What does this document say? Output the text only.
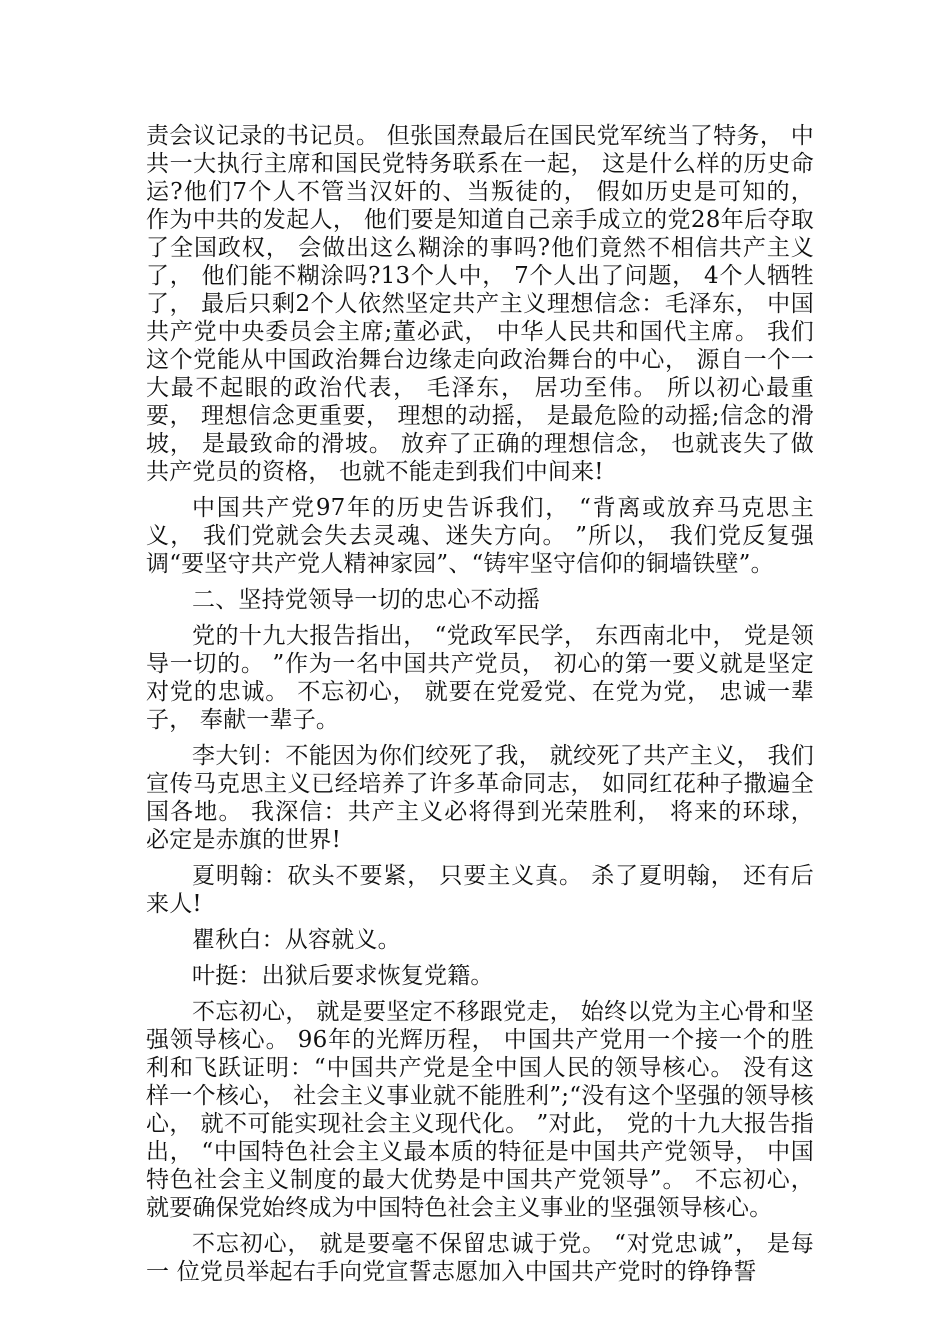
责会议记录的书记员。 但张国焘最后在国民党军统当了特务， 中共一大执行主席和国民党特务联系在一起， 这是什么样的历史命运?他们7个人不管当汉奸的、当叛徒的， 假如历史是可知的， 作为中共的发起人， 他们要是知道自己亲手成立的党28年后夺取了全国政权， 会做出这么糊涂的事吗?他们竟然不相信共产主义了， 他们能不糊涂吗?13个人中， 7个人出了问题， 4个人牺牲了， 最后只剩2个人依然坚定共产主义理想信念：毛泽东， 中国共产党中央委员会主席;董必武， 中华人民共和国代主席。 我们这个党能从中国政治舞台边缘走向政治舞台的中心， 源自一个一大最不起眼的政治代表， 毛泽东， 居功至伟。 所以初心最重要， 理想信念更重要， 理想的动摇， 是最危险的动摇;信念的滑坡， 是最致命的滑坡。 放弃了正确的理想信念， 也就丧失了做共产党员的资格， 也就不能走到我们中间来!

中国共产党97年的历史告诉我们， “背离或放弃马克思主义， 我们党就会失去灵魂、迷失方向。 ”所以， 我们党反复强调“要坚守共产党人精神家园”、“铸牢坚守信仰的铜墙铁壁”。

二、坚持党领导一切的忠心不动摇

党的十九大报告指出， “党政军民学， 东西南北中， 党是领导一切的。 ”作为一名中国共产党员， 初心的第一要义就是坚定对党的忠诚。 不忘初心， 就要在党爱党、在党为党， 忠诚一辈子， 奉献一辈子。

李大钊：不能因为你们绞死了我， 就绞死了共产主义， 我们宣传马克思主义已经培养了许多革命同志， 如同红花种子撒遍全国各地。 我深信：共产主义必将得到光荣胜利， 将来的环球， 必定是赤旗的世界!

夏明翰：砍头不要紧， 只要主义真。 杀了夏明翰， 还有后来人!

瞿秋白：从容就义。

叶挺：出狱后要求恢复党籍。

不忘初心， 就是要坚定不移跟党走， 始终以党为主心骨和坚强领导核心。 96年的光辉历程， 中国共产党用一个接一个的胜利和飞跃证明：“中国共产党是全中国人民的领导核心。 没有这样一个核心， 社会主义事业就不能胜利”;“没有这个坚强的领导核心， 就不可能实现社会主义现代化。 ”对此， 党的十九大报告指出， “中国特色社会主义最本质的特征是中国共产党领导， 中国特色社会主义制度的最大优势是中国共产党领导”。 不忘初心， 就要确保党始终成为中国特色社会主义事业的坚强领导核心。

不忘初心， 就是要毫不保留忠诚于党。 “对党忠诚”， 是每一 位党员举起右手向党宣誓志愿加入中国共产党时的铮铮誓
